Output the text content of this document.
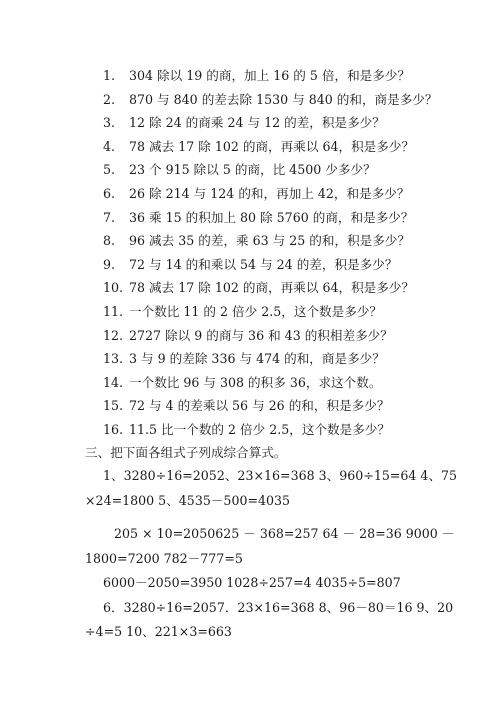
1. 304 除以 19 的商，加上 16 的 5 倍，和是多少？
2. 870 与 840 的差去除 1530 与 840 的和，商是多少？
3. 12 除 24 的商乘 24 与 12 的差，积是多少？
4. 78 减去 17 除 102 的商，再乘以 64，积是多少？
5. 23 个 915 除以 5 的商，比 4500 少多少？
6. 26 除 214 与 124 的和，再加上 42，和是多少？
7. 36 乘 15 的积加上 80 除 5760 的商，和是多少？
8. 96 减去 35 的差，乘 63 与 25 的和，积是多少？
9. 72 与 14 的和乘以 54 与 24 的差，积是多少？
10. 78 减去 17 除 102 的商，再乘以 64，积是多少？
11. 一个数比 11 的 2 倍少 2.5，这个数是多少？
12. 2727 除以 9 的商与 36 和 43 的积相差多少？
13. 3 与 9 的差除 336 与 474 的和，商是多少？
14. 一个数比 96 与 308 的积多 36，求这个数。
15. 72 与 4 的差乘以 56 与 26 的和，积是多少？
16. 11.5 比一个数的 2 倍少 2.5，这个数是多少？
三、把下面各组式子列成综合算式。
1、3280÷16=2052、23×16=368 3、960÷15=64 4、75
×24=1800 5、4535－500=4035
205 × 10=2050625 － 368=257 64 － 28=36 9000 －
1800=7200 782－777=5
6000－2050=3950 1028÷257=4 4035÷5=807
6．3280÷16=2057．23×16=368 8、96－80＝16 9、20
÷4=5 10、221×3=663
